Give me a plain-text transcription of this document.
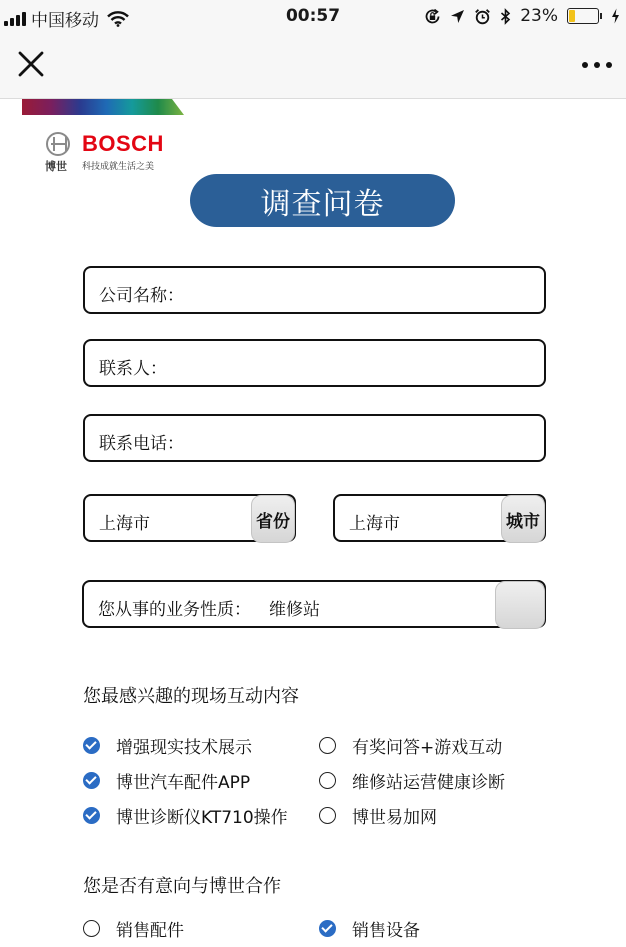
中国移动	00:57	23%
BOSCH
博世 科技成就生活之美
调查问卷
公司名称：
联系人：
联系电话：
上海市	省份	上海市	城市
您从事的业务性质： 维修站
您最感兴趣的现场互动内容
增强现实技术展示	有奖问答+游戏互动
博世汽车配件APP	维修站运营健康诊断
博世诊断仪KT710操作	博世易加网
您是否有意向与博世合作
销售配件	销售设备
